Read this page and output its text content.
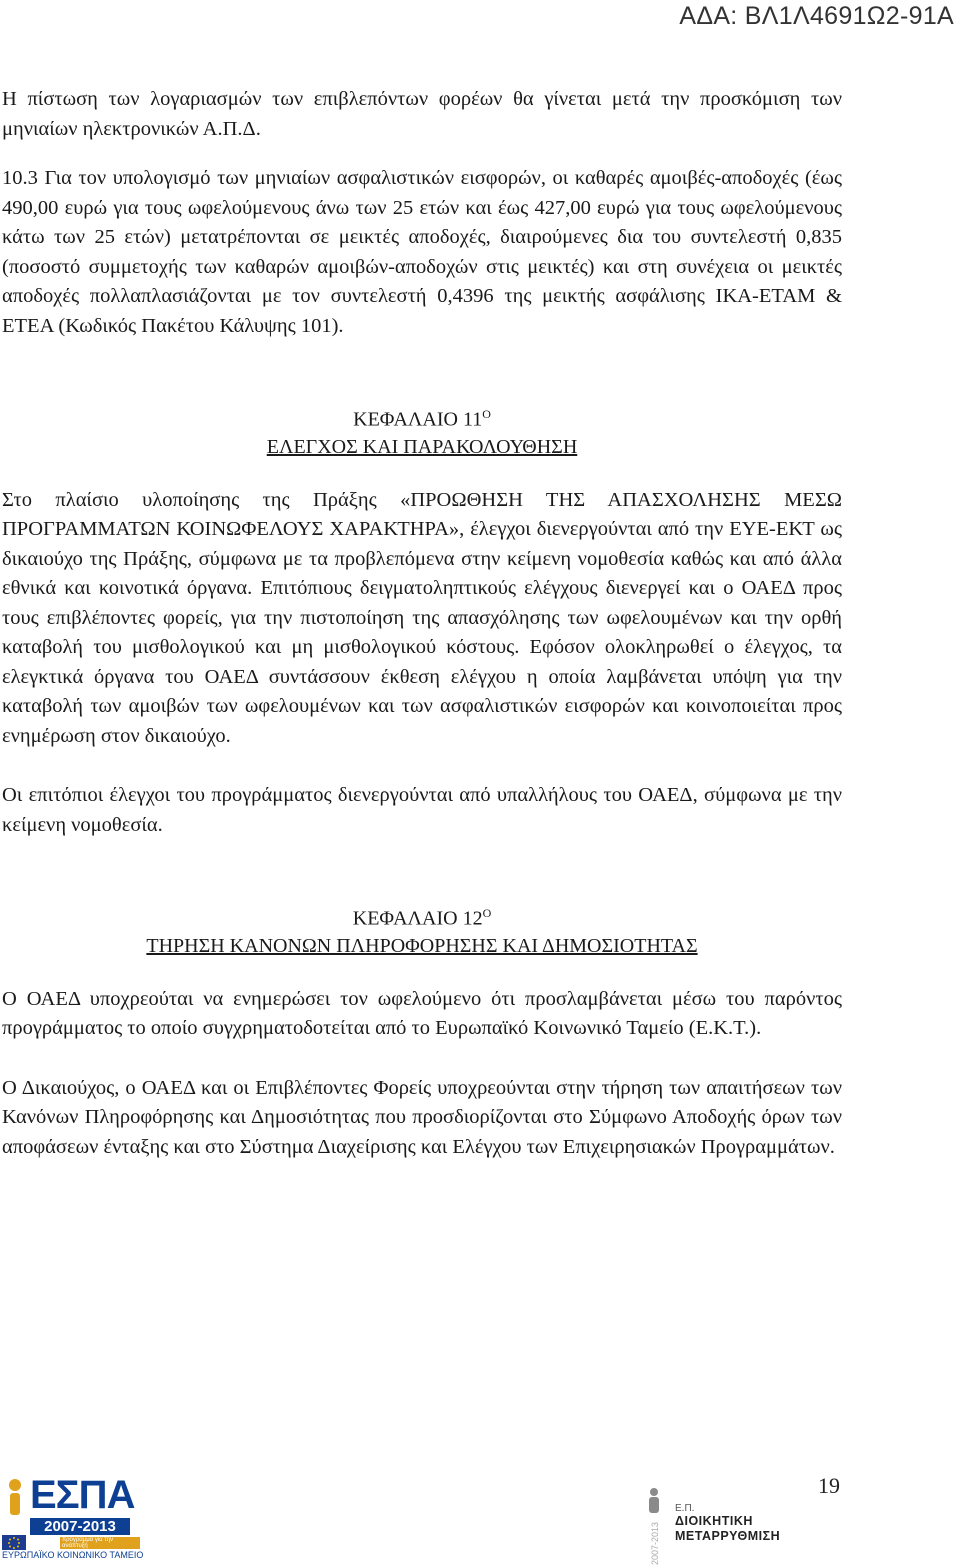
ΑΔΑ: ΒΛ1Λ4691Ω2-91Α

Η πίστωση των λογαριασμών των επιβλεπόντων φορέων θα γίνεται μετά την προσκόμιση των μηνιαίων ηλεκτρονικών Α.Π.Δ.

10.3 Για τον υπολογισμό των μηνιαίων ασφαλιστικών εισφορών, οι καθαρές αμοιβές-αποδοχές (έως 490,00 ευρώ για τους ωφελούμενους άνω των 25 ετών και έως 427,00 ευρώ για τους ωφελούμενους κάτω των 25 ετών) μετατρέπονται σε μεικτές αποδοχές, διαιρούμενες δια του συντελεστή 0,835 (ποσοστό συμμετοχής των καθαρών αμοιβών-αποδοχών στις μεικτές) και στη συνέχεια οι μεικτές αποδοχές πολλαπλασιάζονται με τον συντελεστή 0,4396 της μεικτής ασφάλισης ΙΚΑ-ΕΤΑΜ & ΕΤΕΑ (Κωδικός Πακέτου Κάλυψης 101).

ΚΕΦΑΛΑΙΟ $11^O$
ΕΛΕΓΧΟΣ ΚΑΙ ΠΑΡΑΚΟΛΟΥΘΗΣΗ

Στο πλαίσιο υλοποίησης της Πράξης «ΠΡΟΩΘΗΣΗ ΤΗΣ ΑΠΑΣΧΟΛΗΣΗΣ ΜΕΣΩ ΠΡΟΓΡΑΜΜΑΤΩΝ ΚΟΙΝΩΦΕΛΟΥΣ ΧΑΡΑΚΤΗΡΑ», έλεγχοι διενεργούνται από την ΕΥΕ-ΕΚΤ ως δικαιούχο της Πράξης, σύμφωνα με τα προβλεπόμενα στην κείμενη νομοθεσία καθώς και από άλλα εθνικά και κοινοτικά όργανα. Επιτόπιους δειγματοληπτικούς ελέγχους διενεργεί και ο ΟΑΕΔ προς τους επιβλέποντες φορείς, για την πιστοποίηση της απασχόλησης των ωφελουμένων και την ορθή καταβολή του μισθολογικού και μη μισθολογικού κόστους. Εφόσον ολοκληρωθεί ο έλεγχος, τα ελεγκτικά όργανα του ΟΑΕΔ συντάσσουν έκθεση ελέγχου η οποία λαμβάνεται υπόψη για την καταβολή των αμοιβών των ωφελουμένων και των ασφαλιστικών εισφορών και κοινοποιείται προς ενημέρωση στον δικαιούχο.

Οι επιτόπιοι έλεγχοι του προγράμματος διενεργούνται από υπαλλήλους του ΟΑΕΔ, σύμφωνα με την κείμενη νομοθεσία.

ΚΕΦΑΛΑΙΟ $12^O$
ΤΗΡΗΣΗ ΚΑΝΟΝΩΝ ΠΛΗΡΟΦΟΡΗΣΗΣ ΚΑΙ ΔΗΜΟΣΙΟΤΗΤΑΣ

Ο ΟΑΕΔ υποχρεούται να ενημερώσει τον ωφελούμενο ότι προσλαμβάνεται μέσω του παρόντος προγράμματος το οποίο συγχρηματοδοτείται από το Ευρωπαϊκό Κοινωνικό Ταμείο (Ε.Κ.Τ.).

Ο Δικαιούχος, ο ΟΑΕΔ και οι Επιβλέποντες Φορείς υποχρεούνται στην τήρηση των απαιτήσεων των Κανόνων Πληροφόρησης και Δημοσιότητας που προσδιορίζονται στο Σύμφωνο Αποδοχής όρων των αποφάσεων ένταξης και στο Σύστημα Διαχείρισης και Ελέγχου των Επιχειρησιακών Προγραμμάτων.

ΕΣΠΑ
2007-2013
πρόγραμμα για την ανάπτυξη
ΕΥΡΩΠΑΪΚΟ ΚΟΙΝΩΝΙΚΟ ΤΑΜΕΙΟ
19
2007-2013
Ε.Π.
ΔΙΟΙΚΗΤΙΚΗ
ΜΕΤΑΡΡΥΘΜΙΣΗ
